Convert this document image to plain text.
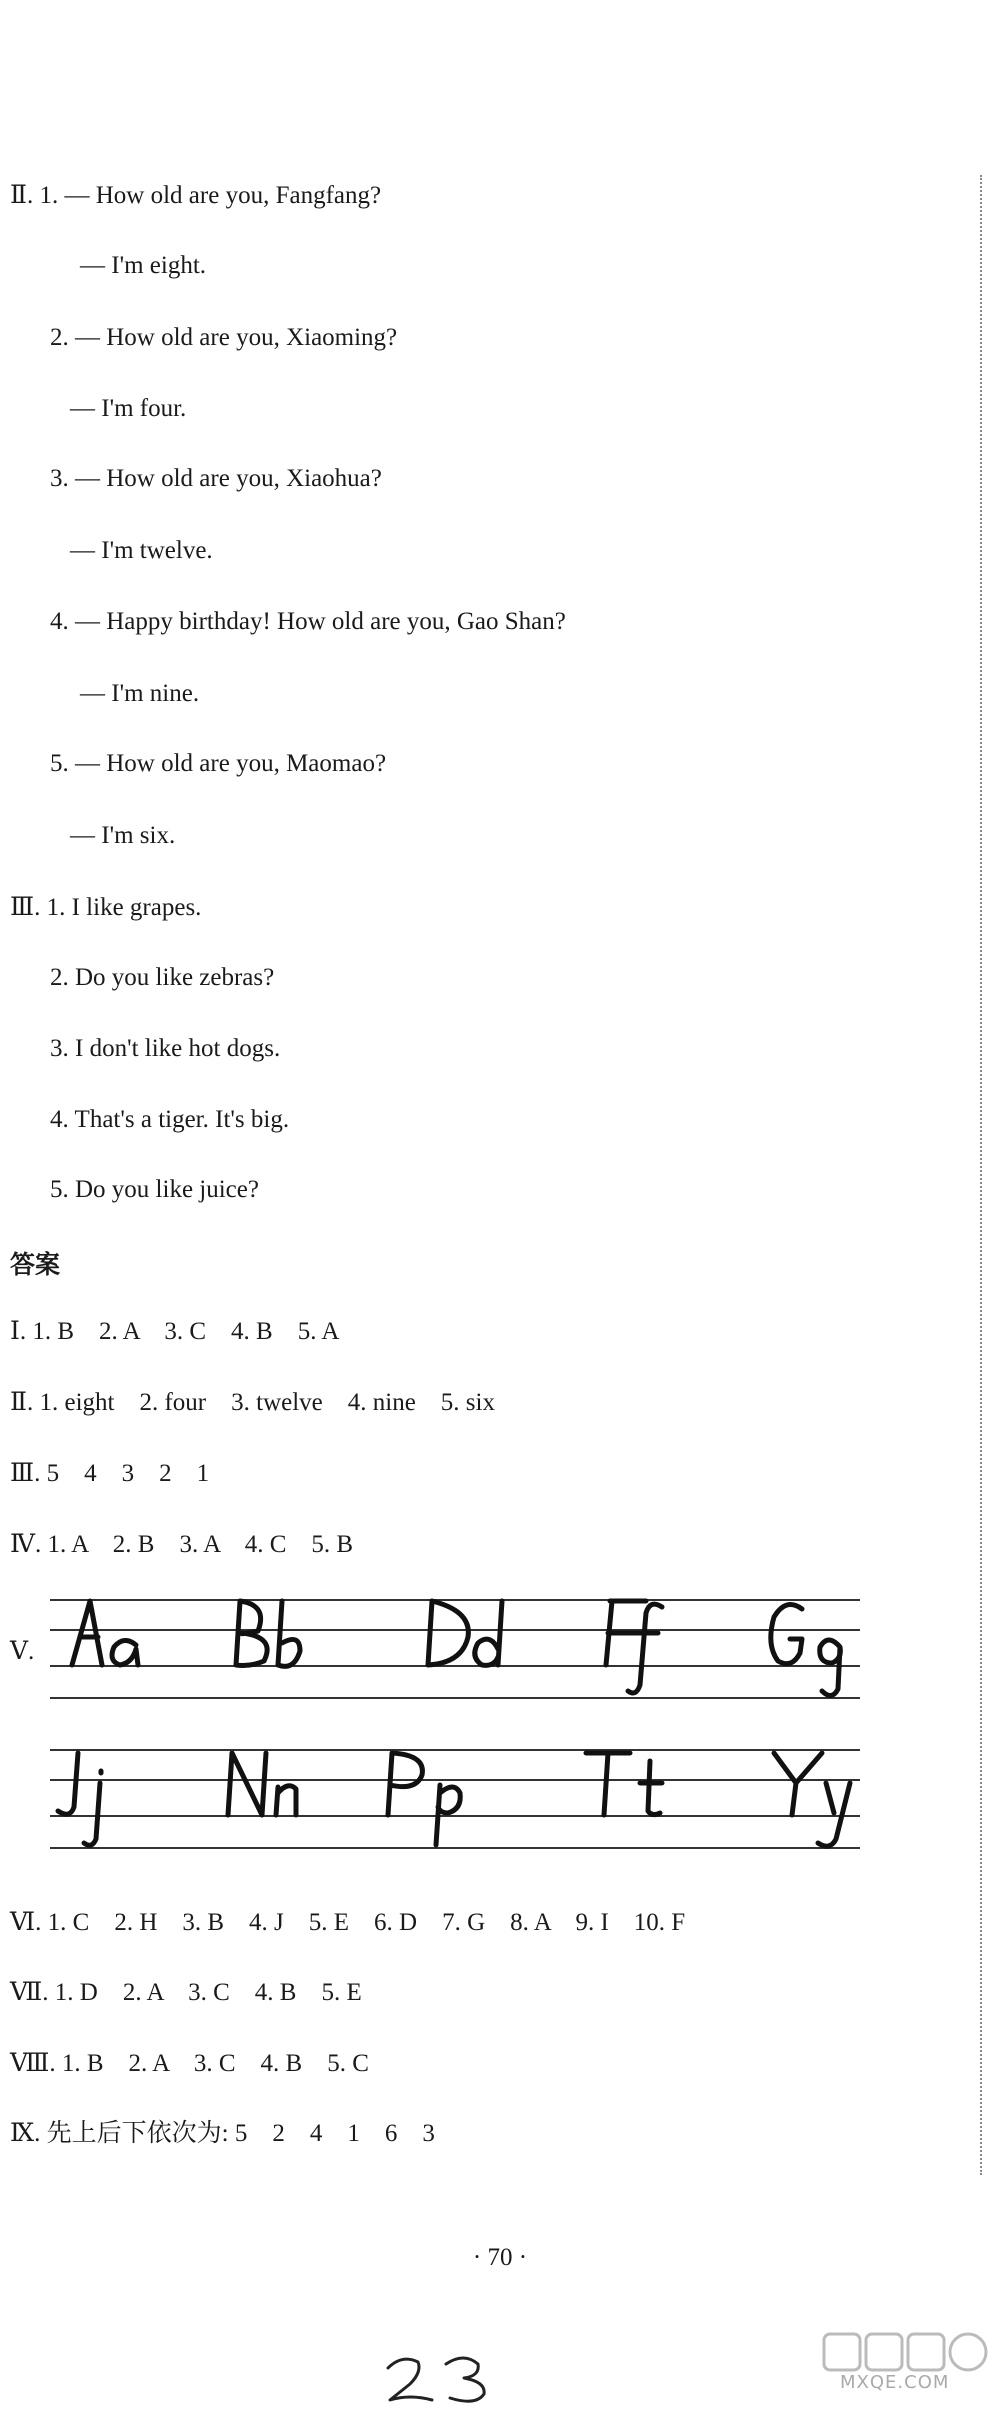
Ⅱ. 1. — How old are you, Fangfang?
— I'm eight.
2. — How old are you, Xiaoming?
— I'm four.
3. — How old are you, Xiaohua?
— I'm twelve.
4. — Happy birthday! How old are you, Gao Shan?
— I'm nine.
5. — How old are you, Maomao?
— I'm six.
Ⅲ. 1. I like grapes.
2. Do you like zebras?
3. I don't like hot dogs.
4. That's a tiger. It's big.
5. Do you like juice?
答案
Ⅰ. 1. B    2. A    3. C    4. B    5. A
Ⅱ. 1. eight    2. four    3. twelve    4. nine    5. six
Ⅲ. 5    4    3    2    1
Ⅳ. 1. A    2. B    3. A    4. C    5. B
Ⅴ.
Ⅵ. 1. C    2. H    3. B    4. J    5. E    6. D    7. G    8. A    9. I    10. F
Ⅶ. 1. D    2. A    3. C    4. B    5. E
Ⅷ. 1. B    2. A    3. C    4. B    5. C
Ⅸ. 先上后下依次为: 5    2    4    1    6    3
· 70 ·
MXQE.COM
